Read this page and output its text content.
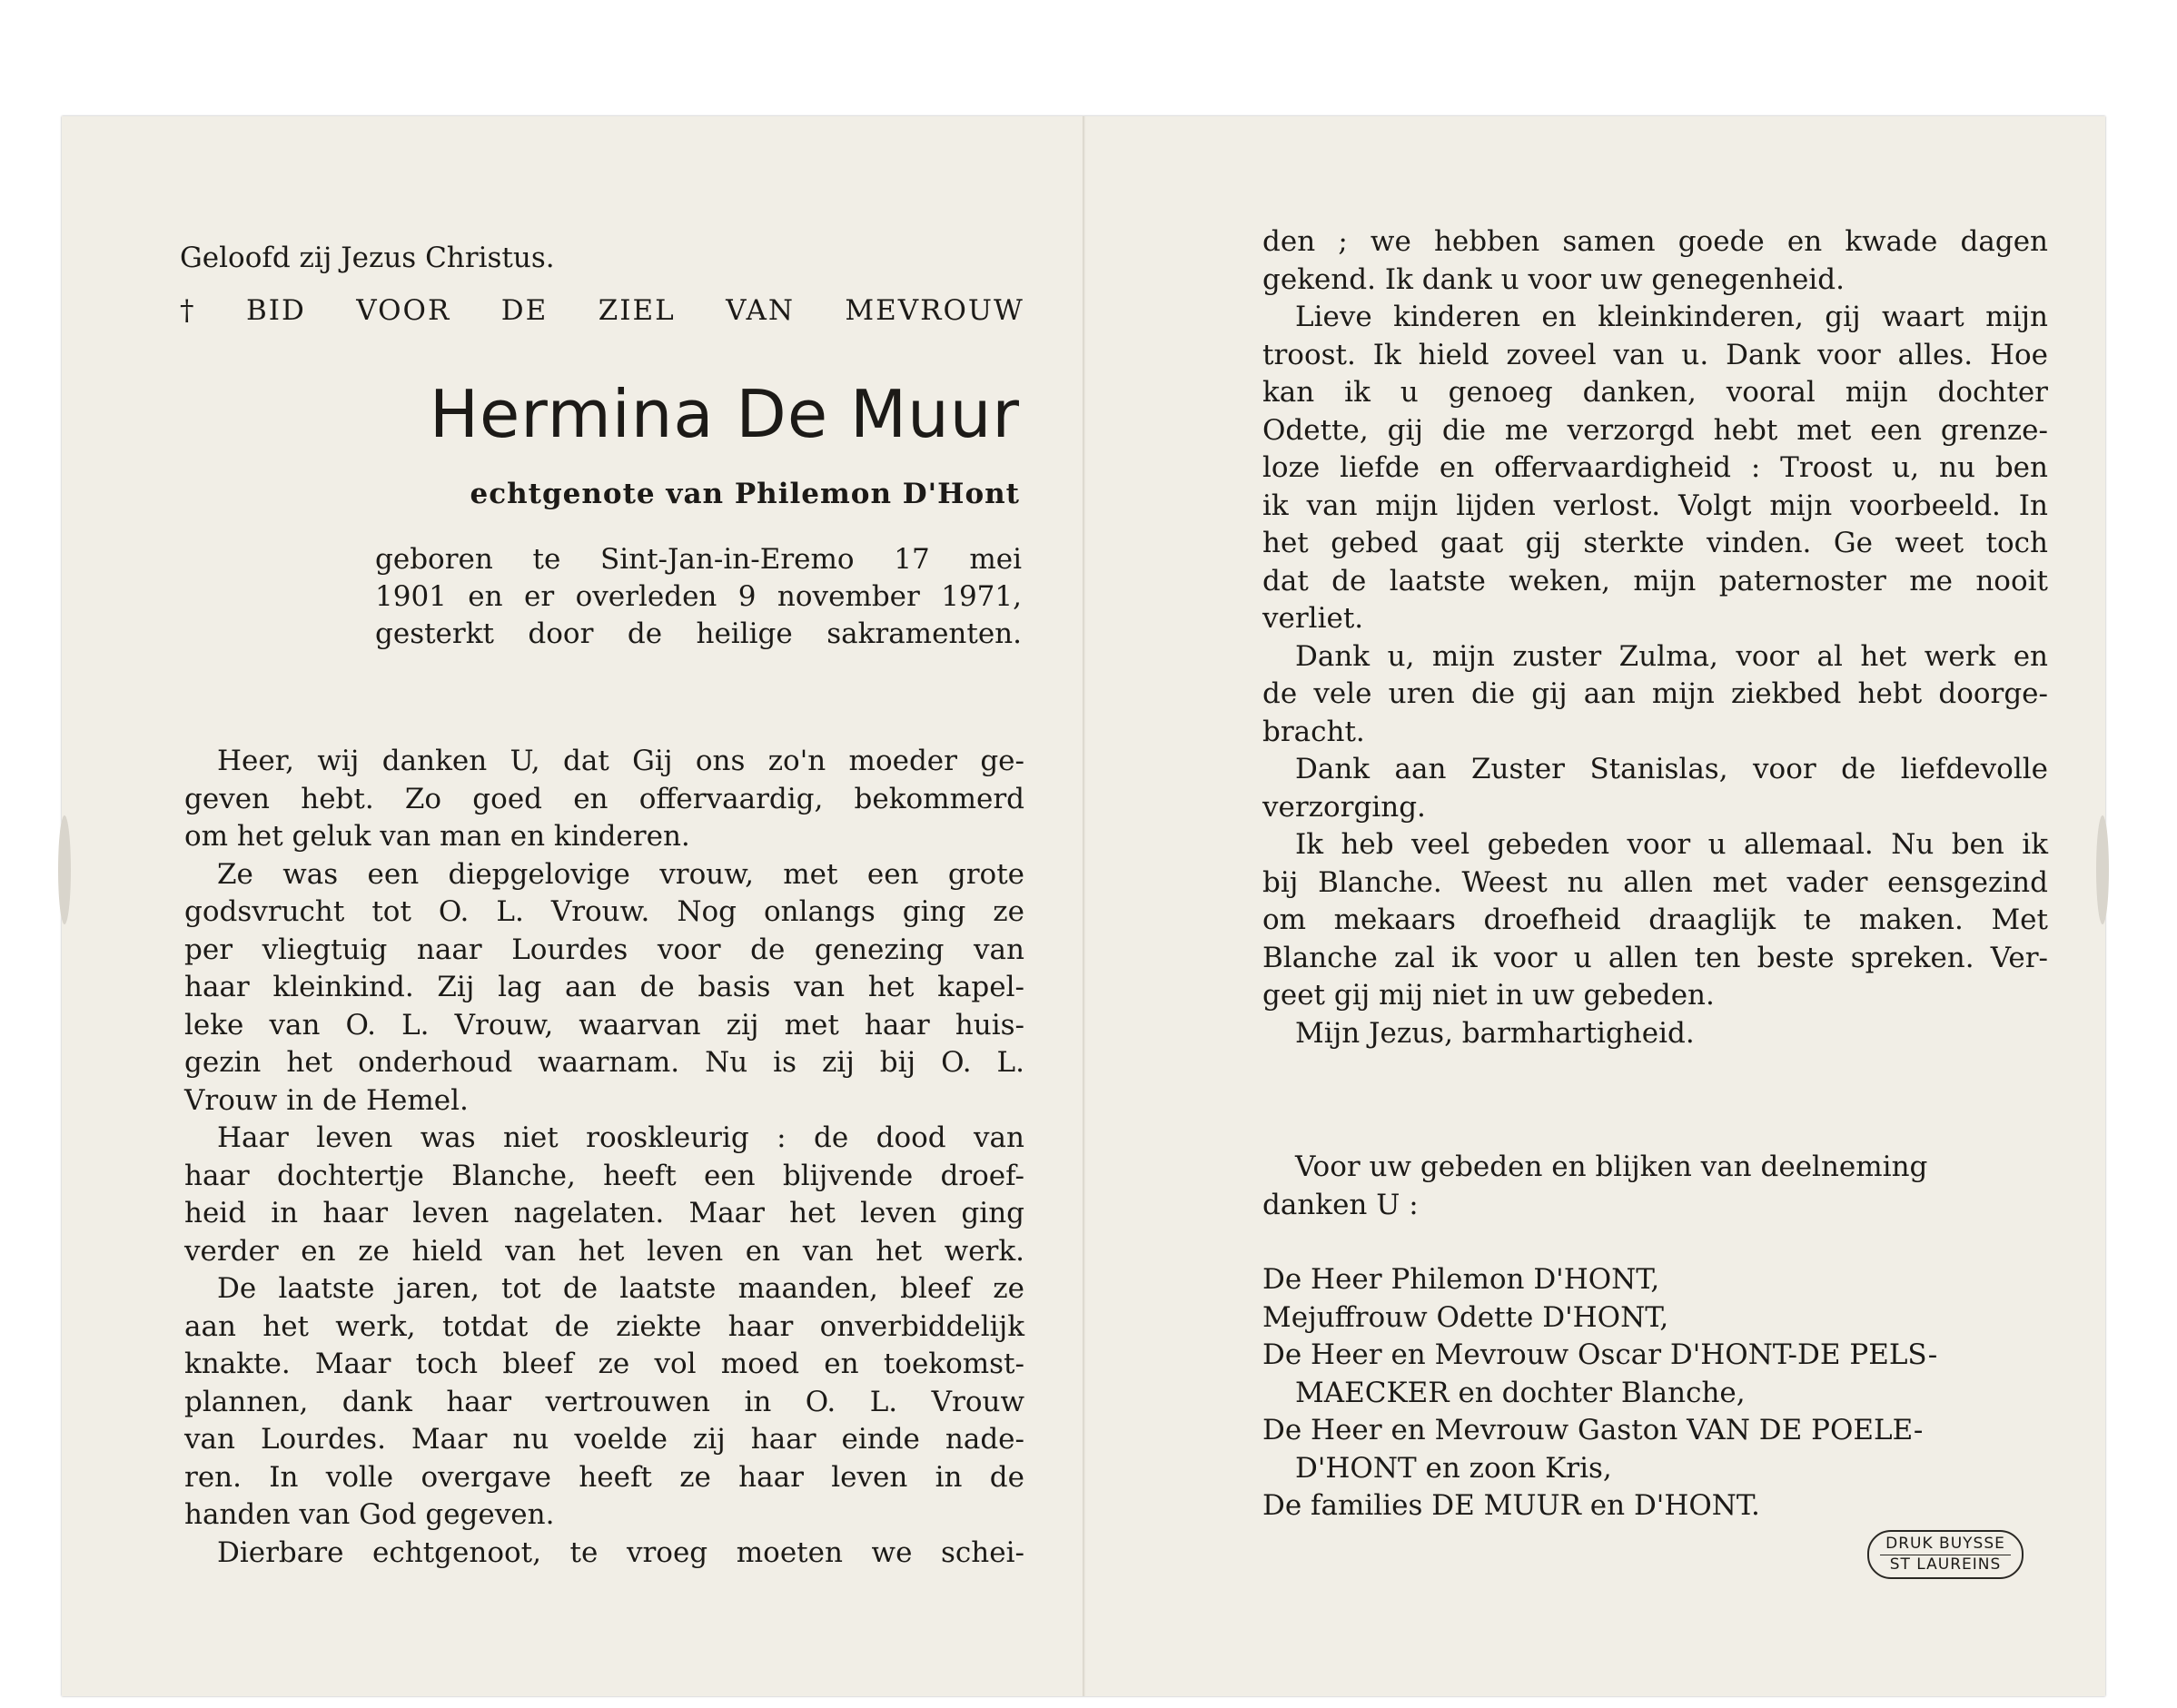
Geloofd zij Jezus Christus.
† BID VOOR DE ZIEL VAN MEVROUW
Hermina De Muur
echtgenote van Philemon D'Hont
geboren te Sint-Jan-in-Eremo 17 mei
1901 en er overleden 9 november 1971,
gesterkt door de heilige sakramenten.
Heer, wij danken U, dat Gij ons zo'n moeder ge-
geven hebt. Zo goed en offervaardig, bekommerd
om het geluk van man en kinderen.
Ze was een diepgelovige vrouw, met een grote
godsvrucht tot O. L. Vrouw. Nog onlangs ging ze
per vliegtuig naar Lourdes voor de genezing van
haar kleinkind. Zij lag aan de basis van het kapel-
leke van O. L. Vrouw, waarvan zij met haar huis-
gezin het onderhoud waarnam. Nu is zij bij O. L.
Vrouw in de Hemel.
Haar leven was niet rooskleurig : de dood van
haar dochtertje Blanche, heeft een blijvende droef-
heid in haar leven nagelaten. Maar het leven ging
verder en ze hield van het leven en van het werk.
De laatste jaren, tot de laatste maanden, bleef ze
aan het werk, totdat de ziekte haar onverbiddelijk
knakte. Maar toch bleef ze vol moed en toekomst-
plannen, dank haar vertrouwen in O. L. Vrouw
van Lourdes. Maar nu voelde zij haar einde nade-
ren. In volle overgave heeft ze haar leven in de
handen van God gegeven.
Dierbare echtgenoot, te vroeg moeten we schei-
den ; we hebben samen goede en kwade dagen
gekend. Ik dank u voor uw genegenheid.
Lieve kinderen en kleinkinderen, gij waart mijn
troost. Ik hield zoveel van u. Dank voor alles. Hoe
kan ik u genoeg danken, vooral mijn dochter
Odette, gij die me verzorgd hebt met een grenze-
loze liefde en offervaardigheid : Troost u, nu ben
ik van mijn lijden verlost. Volgt mijn voorbeeld. In
het gebed gaat gij sterkte vinden. Ge weet toch
dat de laatste weken, mijn paternoster me nooit
verliet.
Dank u, mijn zuster Zulma, voor al het werk en
de vele uren die gij aan mijn ziekbed hebt doorge-
bracht.
Dank aan Zuster Stanislas, voor de liefdevolle
verzorging.
Ik heb veel gebeden voor u allemaal. Nu ben ik
bij Blanche. Weest nu allen met vader eensgezind
om mekaars droefheid draaglijk te maken. Met
Blanche zal ik voor u allen ten beste spreken. Ver-
geet gij mij niet in uw gebeden.
Mijn Jezus, barmhartigheid.
Voor uw gebeden en blijken van deelneming
danken U :
De Heer Philemon D'HONT,
Mejuffrouw Odette D'HONT,
De Heer en Mevrouw Oscar D'HONT-DE PELS-
MAECKER en dochter Blanche,
De Heer en Mevrouw Gaston VAN DE POELE-
D'HONT en zoon Kris,
De families DE MUUR en D'HONT.
DRUK BUYSSE
ST LAUREINS
